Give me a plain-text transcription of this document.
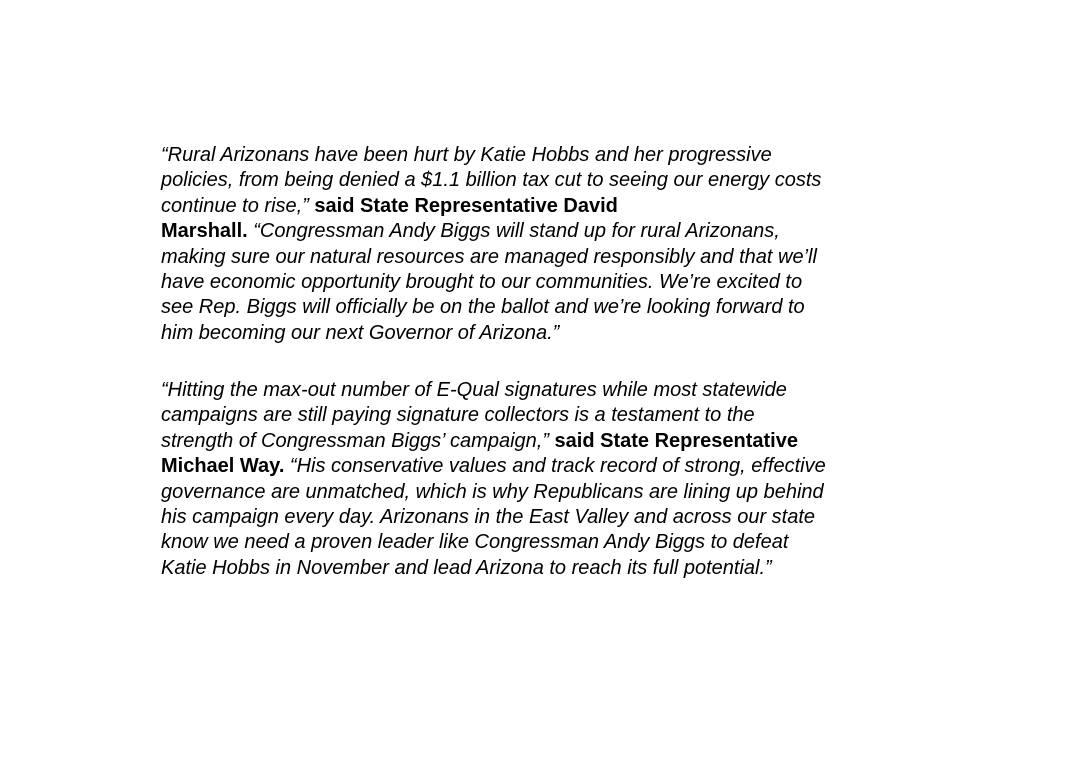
“Rural Arizonans have been hurt by Katie Hobbs and her progressive
policies, from being denied a $1.1 billion tax cut to seeing our energy costs
continue to rise,” said State Representative David
Marshall. “Congressman Andy Biggs will stand up for rural Arizonans,
making sure our natural resources are managed responsibly and that we’ll
have economic opportunity brought to our communities. We’re excited to
see Rep. Biggs will officially be on the ballot and we’re looking forward to
him becoming our next Governor of Arizona.”
“Hitting the max-out number of E-Qual signatures while most statewide
campaigns are still paying signature collectors is a testament to the
strength of Congressman Biggs’ campaign,” said State Representative
Michael Way. “His conservative values and track record of strong, effective
governance are unmatched, which is why Republicans are lining up behind
his campaign every day. Arizonans in the East Valley and across our state
know we need a proven leader like Congressman Andy Biggs to defeat
Katie Hobbs in November and lead Arizona to reach its full potential.”
